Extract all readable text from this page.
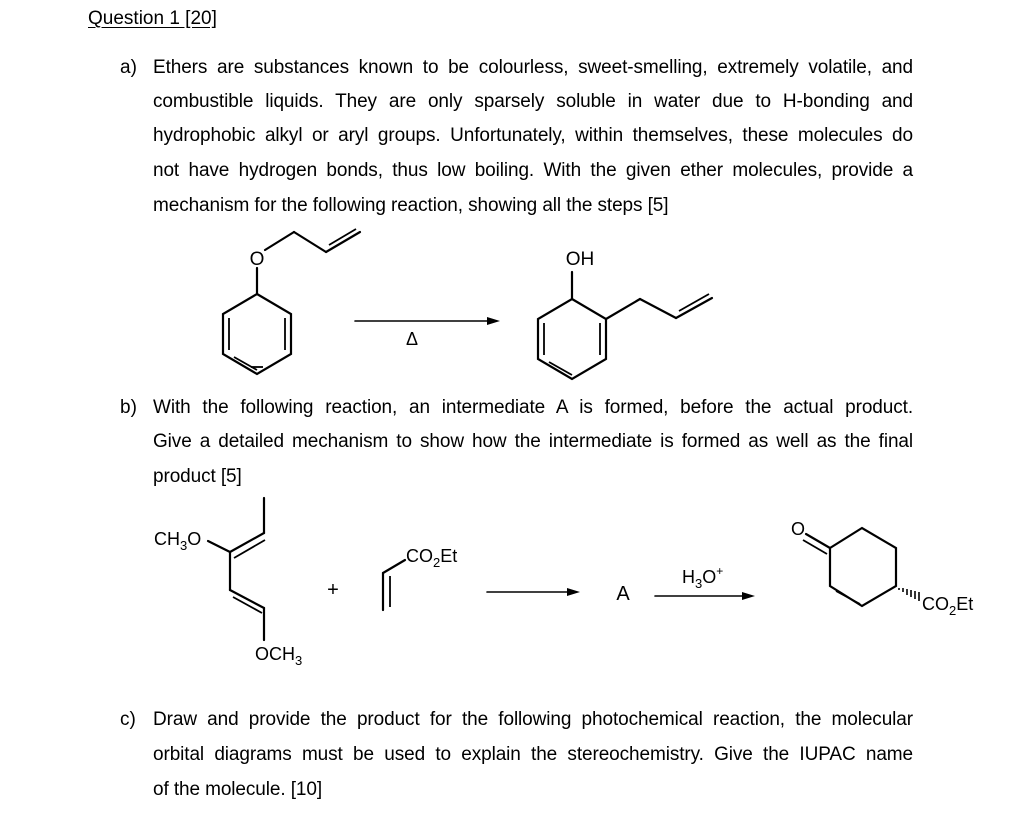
Question 1 [20]
a) Ethers are substances known to be colourless, sweet-smelling, extremely volatile, and
combustible liquids. They are only sparsely soluble in water due to H-bonding and
hydrophobic alkyl or aryl groups. Unfortunately, within themselves, these molecules do
not have hydrogen bonds, thus low boiling. With the given ether molecules, provide a
mechanism for the following reaction, showing all the steps [5]
b) With the following reaction, an intermediate A is formed, before the actual product.
Give a detailed mechanism to show how the intermediate is formed as well as the final
product [5]
c) Draw and provide the product for the following photochemical reaction, the molecular
orbital diagrams must be used to explain the stereochemistry. Give the IUPAC name
of the molecule. [10]
O
Δ
OH
$CH_3O$
$OCH_3$
+
$CO_2Et$
A
$H_3O^+$
O
$CO_2Et$
